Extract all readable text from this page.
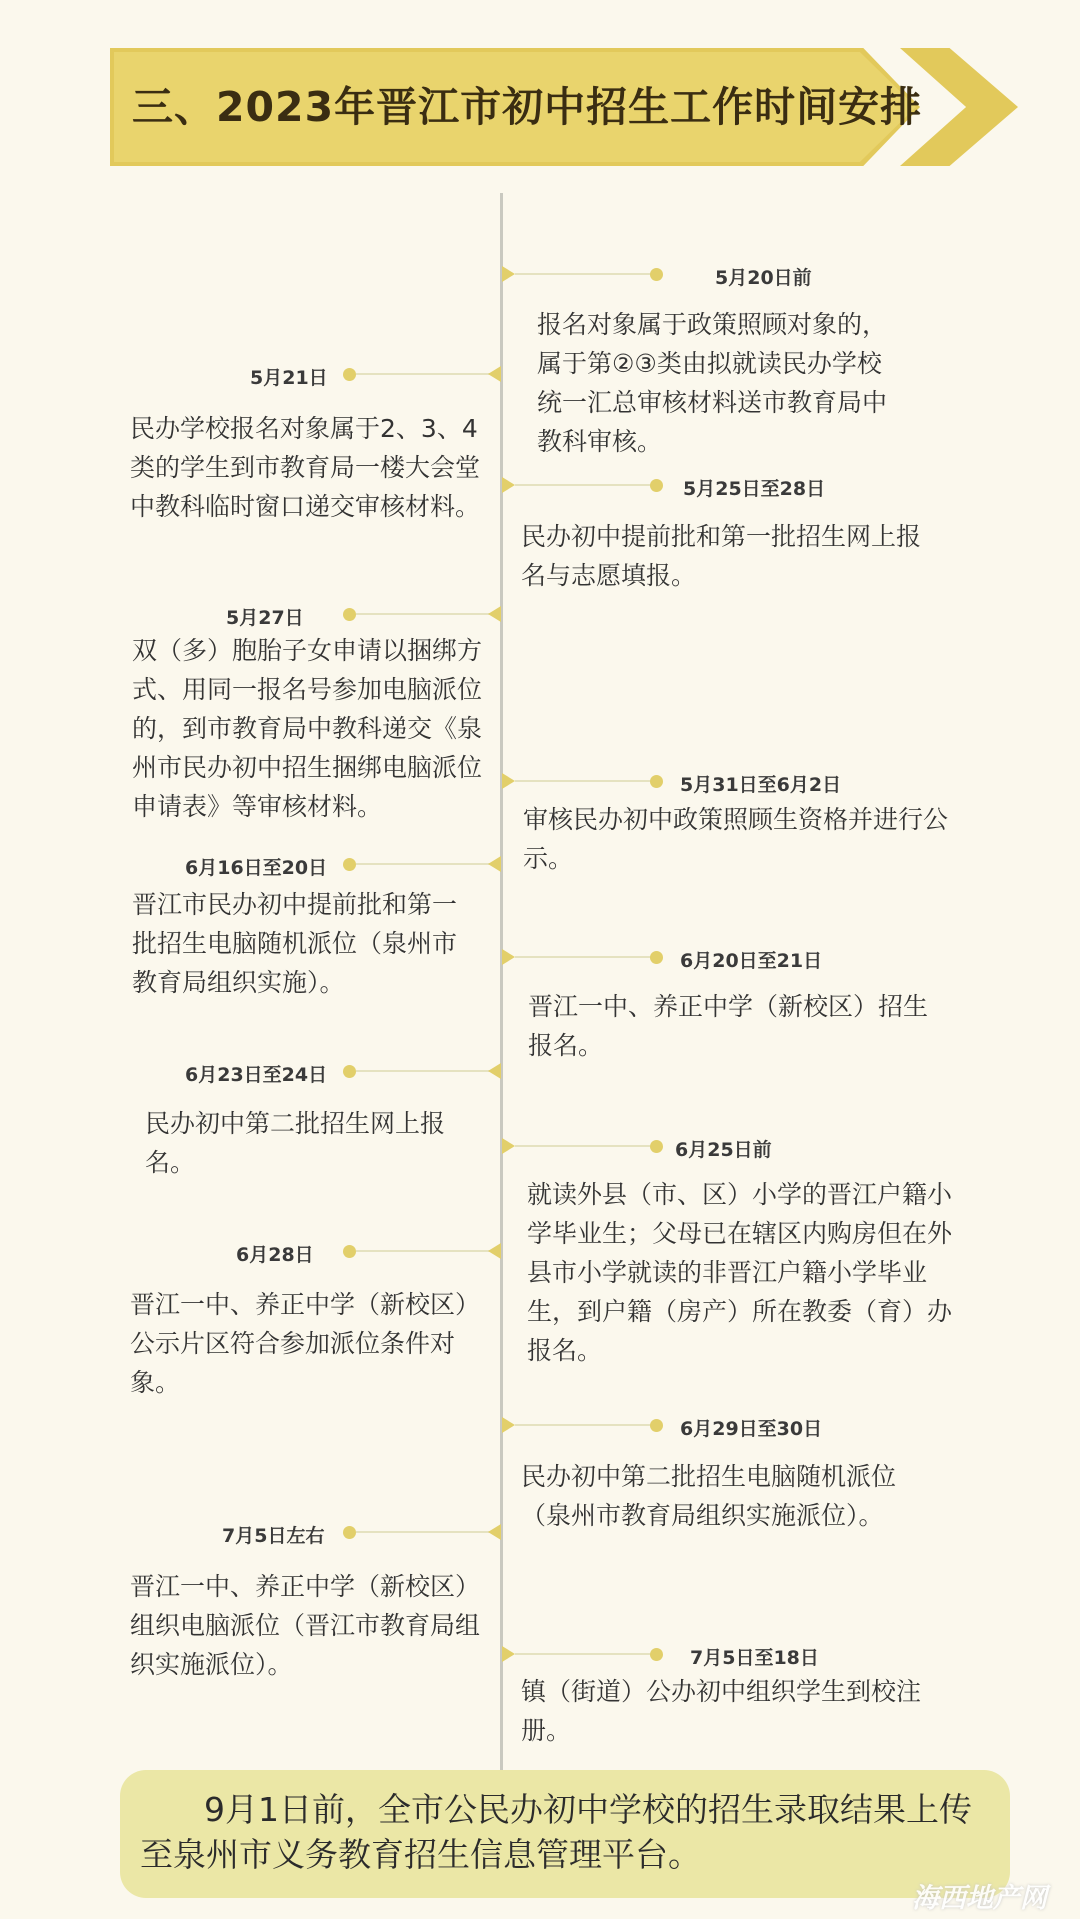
三、2023年晋江市初中招生工作时间安排
5月20日前
报名对象属于政策照顾对象的，属于第②③类由拟就读民办学校统一汇总审核材料送市教育局中教科审核。
5月25日至28日
民办初中提前批和第一批招生网上报名与志愿填报。
5月31日至6月2日
审核民办初中政策照顾生资格并进行公示。
6月20日至21日
晋江一中、养正中学（新校区）招生报名。
6月25日前
就读外县（市、区）小学的晋江户籍小学毕业生；父母已在辖区内购房但在外县市小学就读的非晋江户籍小学毕业生，到户籍（房产）所在教委（育）办报名。
6月29日至30日
民办初中第二批招生电脑随机派位（泉州市教育局组织实施派位）。
7月5日至18日
镇（街道）公办初中组织学生到校注册。
5月21日
民办学校报名对象属于2、3、4类的学生到市教育局一楼大会堂中教科临时窗口递交审核材料。
5月27日
双（多）胞胎子女申请以捆绑方式、用同一报名号参加电脑派位的，到市教育局中教科递交《泉州市民办初中招生捆绑电脑派位申请表》等审核材料。
6月16日至20日
晋江市民办初中提前批和第一批招生电脑随机派位（泉州市教育局组织实施）。
6月23日至24日
民办初中第二批招生网上报名。
6月28日
晋江一中、养正中学（新校区）公示片区符合参加派位条件对象。
7月5日左右
晋江一中、养正中学（新校区）组织电脑派位（晋江市教育局组织实施派位）。
9月1日前，全市公民办初中学校的招生录取结果上传至泉州市义务教育招生信息管理平台。
海西地产网
